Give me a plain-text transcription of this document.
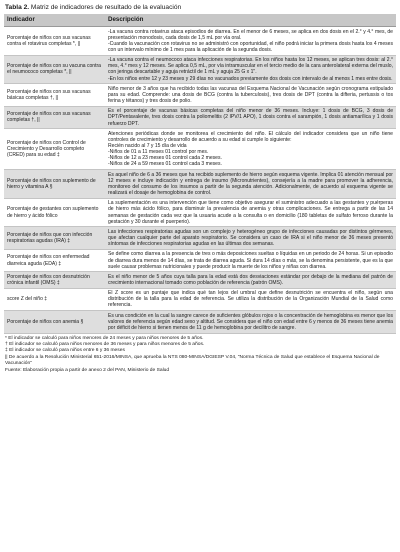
Tabla 2. Matriz de indicadores de resultado de la evaluación
Indicador	Descripción
Porcentaje de niños con sus vacunas contra el rotavirus completas *, ||	-La vacuna contra rotavirus ataca episodios de diarrea. En el menor de 6 meses, se aplica en dos dosis en el 2.° y 4.° mes, de presentación monodosis, cada dosis de 1,5 mL por vía oral.
-Cuando la vacunación con rotavirus no se administró con oportunidad, el niño podrá iniciar la primera dosis hasta los 4 meses con un intervalo mínimo de 1 mes para la aplicación de la segunda dosis.

Porcentaje de niños con su vacuna contra el neumococo completas *, ||	-La vacuna contra el neumococo ataca infecciones respiratorias. En los niños hasta los 12 meses, se aplican tres dosis: al 2.° mes, 4.° mes y 12 meses. Se aplica 0,5 mL, por vía intramuscular en el tercio medio de la cara anterolateral externa del muslo, con jeringa descartable y aguja retráctil de 1 mL y aguja 25 G x 1".
-En los niños entre 12 y 23 meses y 29 días no vacunados previamente dos dosis con intervalo de al menos 1 mes entre dosis.

Porcentaje de niños con sus vacunas básicas completas †, ||	Niño menor de 3 años que ha recibido todas las vacunas del Esquema Nacional de Vacunación según cronograma estipulado para su edad. Comprende: una dosis de BCG (contra la tuberculosis), tres dosis de DPT (contra la difteria, pertussis o tos ferina y tétanos) y tres dosis de polio.

Porcentaje de niños con sus vacunas completas †, ||	Es el porcentaje de vacunas básicas completas del niño menor de 36 meses. Incluye: 1 dosis de BCG, 3 dosis de DPT/Pentavalente, tres dosis contra la poliomelitis (2 IPV/1 APO), 1 dosis contra el sarampión, 1 dosis antiamarílica y 1 dosis refuerzo DPT.

Porcentaje de niños con Control de Crecimiento y Desarrollo completo (CRED) para su edad ‡	Atenciones periódicas donde se monitorea el crecimiento del niño. El cálculo del indicador considera que un niño tiene controles de crecimiento y desarrollo de acuerdo a su edad si cumple lo siguiente:
Recién nacido al 7 y 15 día de vida
-Niños de 01 a 11 meses 01 control por mes.
-Niños de 12 a 23 meses 01 control cada 2 meses.
-Niños de 24 a 59 meses 01 control cada 3 meses.

Porcentaje de niños con suplemento de hierro y vitamina A §	Es aquel niño de 6 a 36 meses que ha recibido suplemento de hierro según esquema vigente. Implica 01 atención mensual por 12 meses e incluye indicación y entrega de insumo (Micronutrientes), consejería a la madre para promover la adherencia, monitoreo del consumo de los insumos a partir de la segunda atención. Adicionalmente, de acuerdo al esquema vigente se realizará el dosaje de hemoglobina de control.

Porcentaje de gestantes con suplemento de hierro y ácido fólico	La suplementación es una intervención que tiene como objetivo asegurar el suministro adecuado a las gestantes y puérperas de hierro más ácido fólico, para disminuir la prevalencia de anemia y otras complicaciones. Se entrega a partir de las 14 semanas de gestación cada vez que la usuaria acude a la consulta o en domicilio (180 tabletas de sulfato ferroso durante la gestación y 30 durante el puerperio).

Porcentaje de niños que con infección respiratorias agudas (IRA) ‡	Las infecciones respiratorias agudas son un complejo y heterogéneo grupo de infecciones causadas por distintos gérmenes, que afectan cualquier parte del aparato respiratorio. Se considera un caso de IRA si el niño menor de 36 meses presentó síntomas de infecciones respiratorias agudas en las últimas dos semanas.

Porcentaje de niños con enfermedad diarreica aguda (EDA) ‡	Se define como diarrea a la presencia de tres o más deposiciones sueltas o líquidas en un periodo de 24 horas. Si un episodio de diarrea dura menos de 14 días, se trata de diarrea aguda. Si dura 14 días o más, se la denomina persistente, que es la que suele causar problemas nutricionales y puede producir la muerte de los niños y niñas con diarrea.

Porcentaje de niños con desnutrición crónica infantil (OMS) ‡	Es el niño menor de 5 años cuya talla para la edad está dos desviaciones estándar por debajo de la mediana del patrón de crecimiento internacional tomado como población de referencia (patrón OMS).

score Z del niño ‡	El Z score es un puntaje que indica qué tan lejos del umbral que define desnutrición se encuentra el niño, según una distribución de la talla para la edad de referencia. Se utiliza la distribución de la Organización Mundial de la Salud como referencia.

Porcentaje de niños con anemia §	Es una condición en la cual la sangre carece de suficientes glóbulos rojos o la concentración de hemoglobina es menor que los valores de referencia según edad sexo y altitud. Se considera que el niño con edad entre 6 y menos de 36 meses tiene anemia por déficit de hierro si tienen menos de 11 g de hemoglobina por decilitro de sangre.
* El indicador se calculó para niños menores de 24 meses y para niños menores de 5 años.
† El indicador se calculó para niños menores de 36 meses y para niños menores de 5 años.
‡ El indicador se calculó para niños entre 6 y 36 meses
|| De acuerdo a la Resolución Ministerial 651-2016/MINSA, que aprueba la NTS 080-MINSA/DGIESP V.04, "Norma Técnica de Salud que establece el Esquema Nacional de Vacunación"
Fuente: Elaboración propia a partir de anexo 2 del PAN, Ministerio de Salud
